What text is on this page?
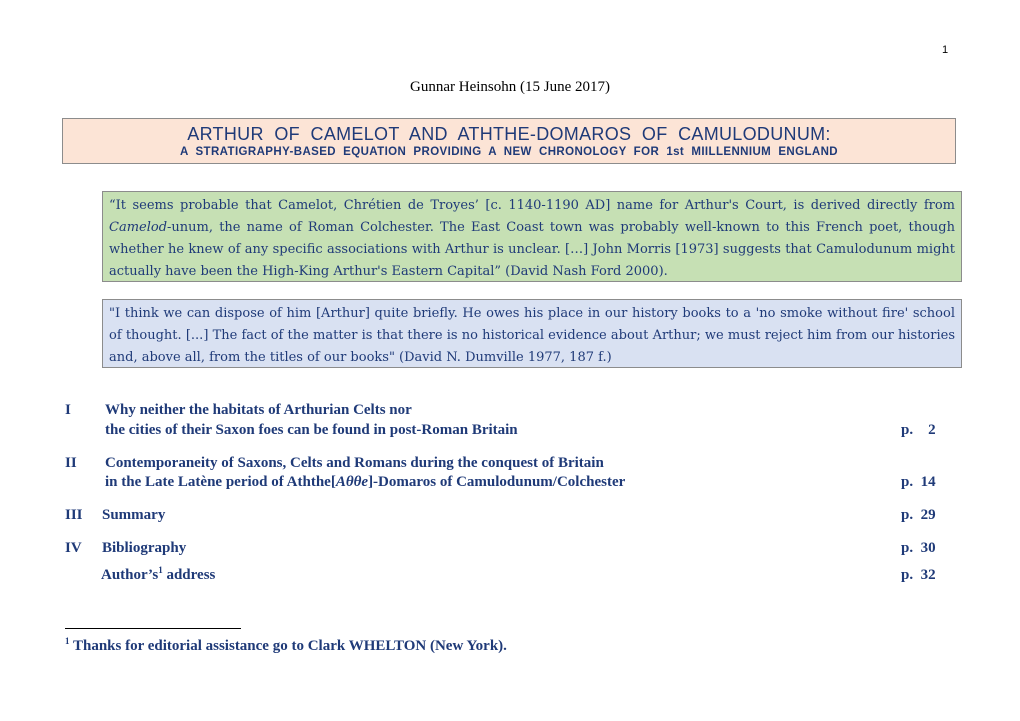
1
Gunnar Heinsohn (15 June 2017)
ARTHUR  OF  CAMELOT  AND  ATHTHE-DOMAROS  OF  CAMULODUNUM:
A  STRATIGRAPHY-BASED  EQUATION  PROVIDING  A  NEW  CHRONOLOGY  FOR  1st  MIILLENNIUM  ENGLAND
“It seems probable that Camelot, Chrétien de Troyes’ [c. 1140-1190 AD] name for Arthur's Court, is derived directly from Camelod-unum, the name of Roman Colchester. The East Coast town was probably well-known to this French poet, though whether he knew of any specific associations with Arthur is unclear. […] John Morris [1973] suggests that Camulodunum might actually have been the High-King Arthur's Eastern Capital” (David Nash Ford 2000).
"I think we can dispose of him [Arthur] quite briefly. He owes his place in our history books to a 'no smoke without fire' school of thought. [...] The fact of the matter is that there is no historical evidence about Arthur; we must reject him from our histories and, above all, from the titles of our books" (David N. Dumville 1977, 187 f.)
I Why neither the habitats of Arthurian Celts nor
the cities of their Saxon foes can be found in post-Roman Britain	p.    2
II Contemporaneity of Saxons, Celts and Romans during the conquest of Britain
in the Late Latène period of Aththe[Aθθe]-Domaros of Camulodunum/Colchester	p.  14
III Summary	p.  29
IV Bibliography	p.  30
$Author’s^1$ address	p.  32
$^1$ Thanks for editorial assistance go to Clark WHELTON (New York).
